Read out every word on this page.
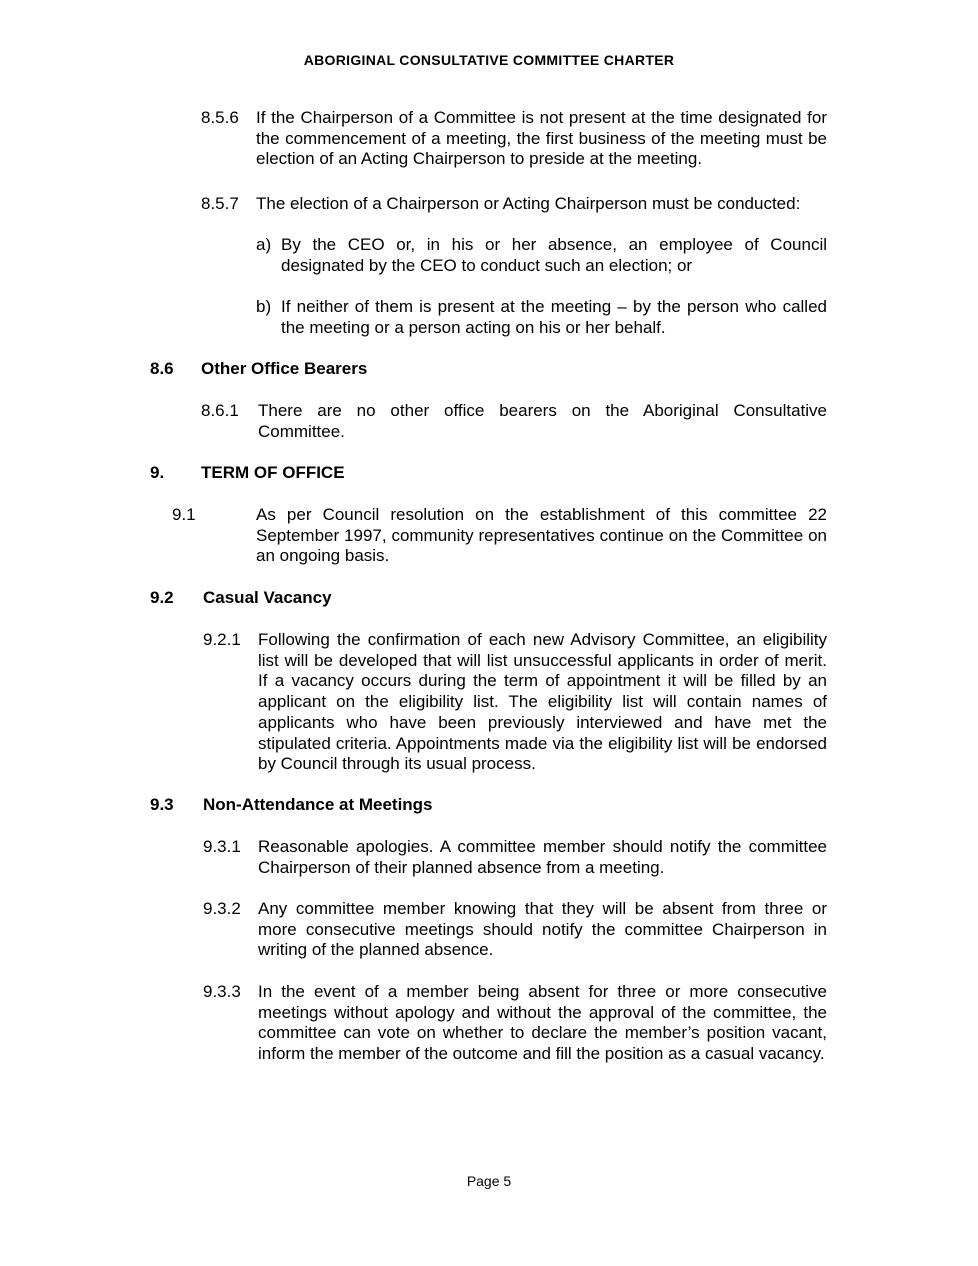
ABORIGINAL CONSULTATIVE COMMITTEE CHARTER
8.5.6 If the Chairperson of a Committee is not present at the time designated for the commencement of a meeting, the first business of the meeting must be election of an Acting Chairperson to preside at the meeting.
8.5.7 The election of a Chairperson or Acting Chairperson must be conducted:
a) By the CEO or, in his or her absence, an employee of Council designated by the CEO to conduct such an election; or
b) If neither of them is present at the meeting – by the person who called the meeting or a person acting on his or her behalf.
8.6 Other Office Bearers
8.6.1 There are no other office bearers on the Aboriginal Consultative Committee.
9. TERM OF OFFICE
9.1	As per Council resolution on the establishment of this committee 22 September 1997, community representatives continue on the Committee on an ongoing basis.
9.2 Casual Vacancy
9.2.1 Following the confirmation of each new Advisory Committee, an eligibility list will be developed that will list unsuccessful applicants in order of merit. If a vacancy occurs during the term of appointment it will be filled by an applicant on the eligibility list. The eligibility list will contain names of applicants who have been previously interviewed and have met the stipulated criteria. Appointments made via the eligibility list will be endorsed by Council through its usual process.
9.3 Non-Attendance at Meetings
9.3.1 Reasonable apologies. A committee member should notify the committee Chairperson of their planned absence from a meeting.
9.3.2 Any committee member knowing that they will be absent from three or more consecutive meetings should notify the committee Chairperson in writing of the planned absence.
9.3.3 In the event of a member being absent for three or more consecutive meetings without apology and without the approval of the committee, the committee can vote on whether to declare the member’s position vacant, inform the member of the outcome and fill the position as a casual vacancy.
Page 5
